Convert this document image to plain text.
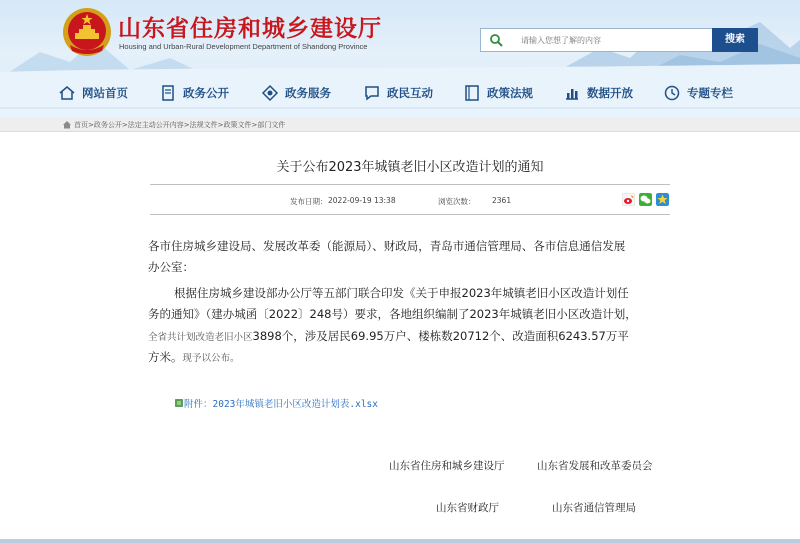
山东省住房和城乡建设厅
Housing and Urban-Rural Development Department of Shandong Province
请输入您想了解的内容
搜索
网站首页	政务公开	政务服务	政民互动	政策法规	数据开放	专题专栏
首页>政务公开>法定主动公开内容>法规文件>政策文件>部门文件
关于公布2023年城镇老旧小区改造计划的通知
发布日期： 2022-09-19 13:38	浏览次数： 2361
各市住房城乡建设局、发展改革委（能源局）、财政局，青岛市通信管理局、各市信息通信发展
办公室：
根据住房城乡建设部办公厅等五部门联合印发《关于申报2023年城镇老旧小区改造计划任
务的通知》（建办城函〔2022〕248号）要求，各地组织编制了2023年城镇老旧小区改造计划，
全省共计划改造老旧小区3898个，涉及居民69.95万户、楼栋数20712个、改造面积6243.57万平
方米。现予以公布。
附件：2023年城镇老旧小区改造计划表.xlsx
山东省住房和城乡建设厅	山东省发展和改革委员会
山东省财政厅	山东省通信管理局
